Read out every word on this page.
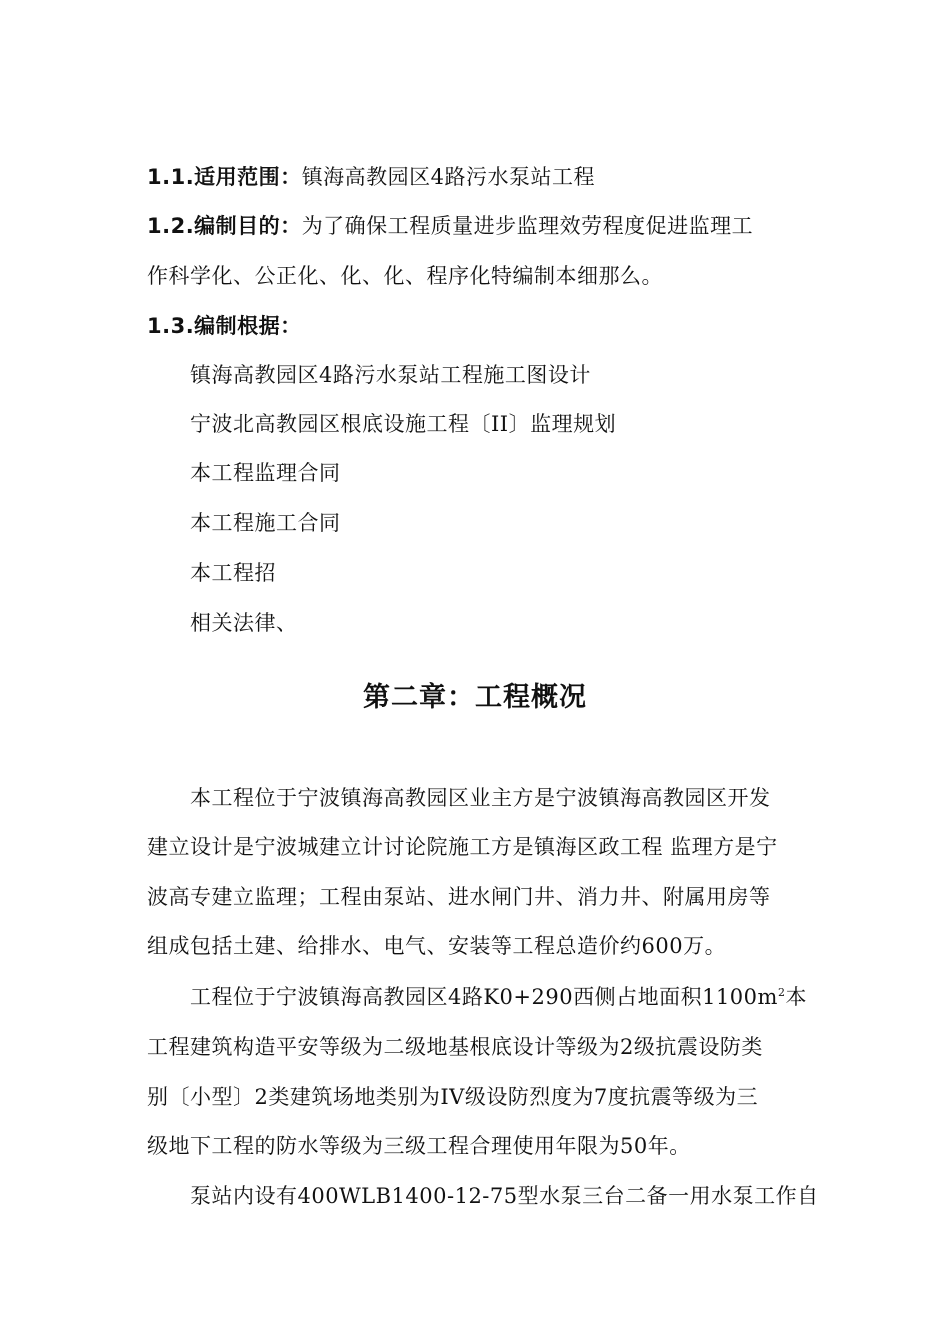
1.1.适用范围：镇海高教园区4路污水泵站工程
1.2.编制目的：为了确保工程质量进步监理效劳程度促进监理工
作科学化、公正化、化、化、程序化特编制本细那么。
1.3.编制根据：
镇海高教园区4路污水泵站工程施工图设计
宁波北高教园区根底设施工程〔II〕监理规划
本工程监理合同
本工程施工合同
本工程招
相关法律、
第二章：工程概况
本工程位于宁波镇海高教园区业主方是宁波镇海高教园区开发
建立设计是宁波城建立计讨论院施工方是镇海区政工程 监理方是宁
波高专建立监理；工程由泵站、进水闸门井、消力井、附属用房等
组成包括土建、给排水、电气、安装等工程总造价约600万。
工程位于宁波镇海高教园区4路K0+290西侧占地面积$1100m^2$本
工程建筑构造平安等级为二级地基根底设计等级为2级抗震设防类
别〔小型〕2类建筑场地类别为IV级设防烈度为7度抗震等级为三
级地下工程的防水等级为三级工程合理使用年限为50年。
泵站内设有400WLB1400-12-75型水泵三台二备一用水泵工作自
